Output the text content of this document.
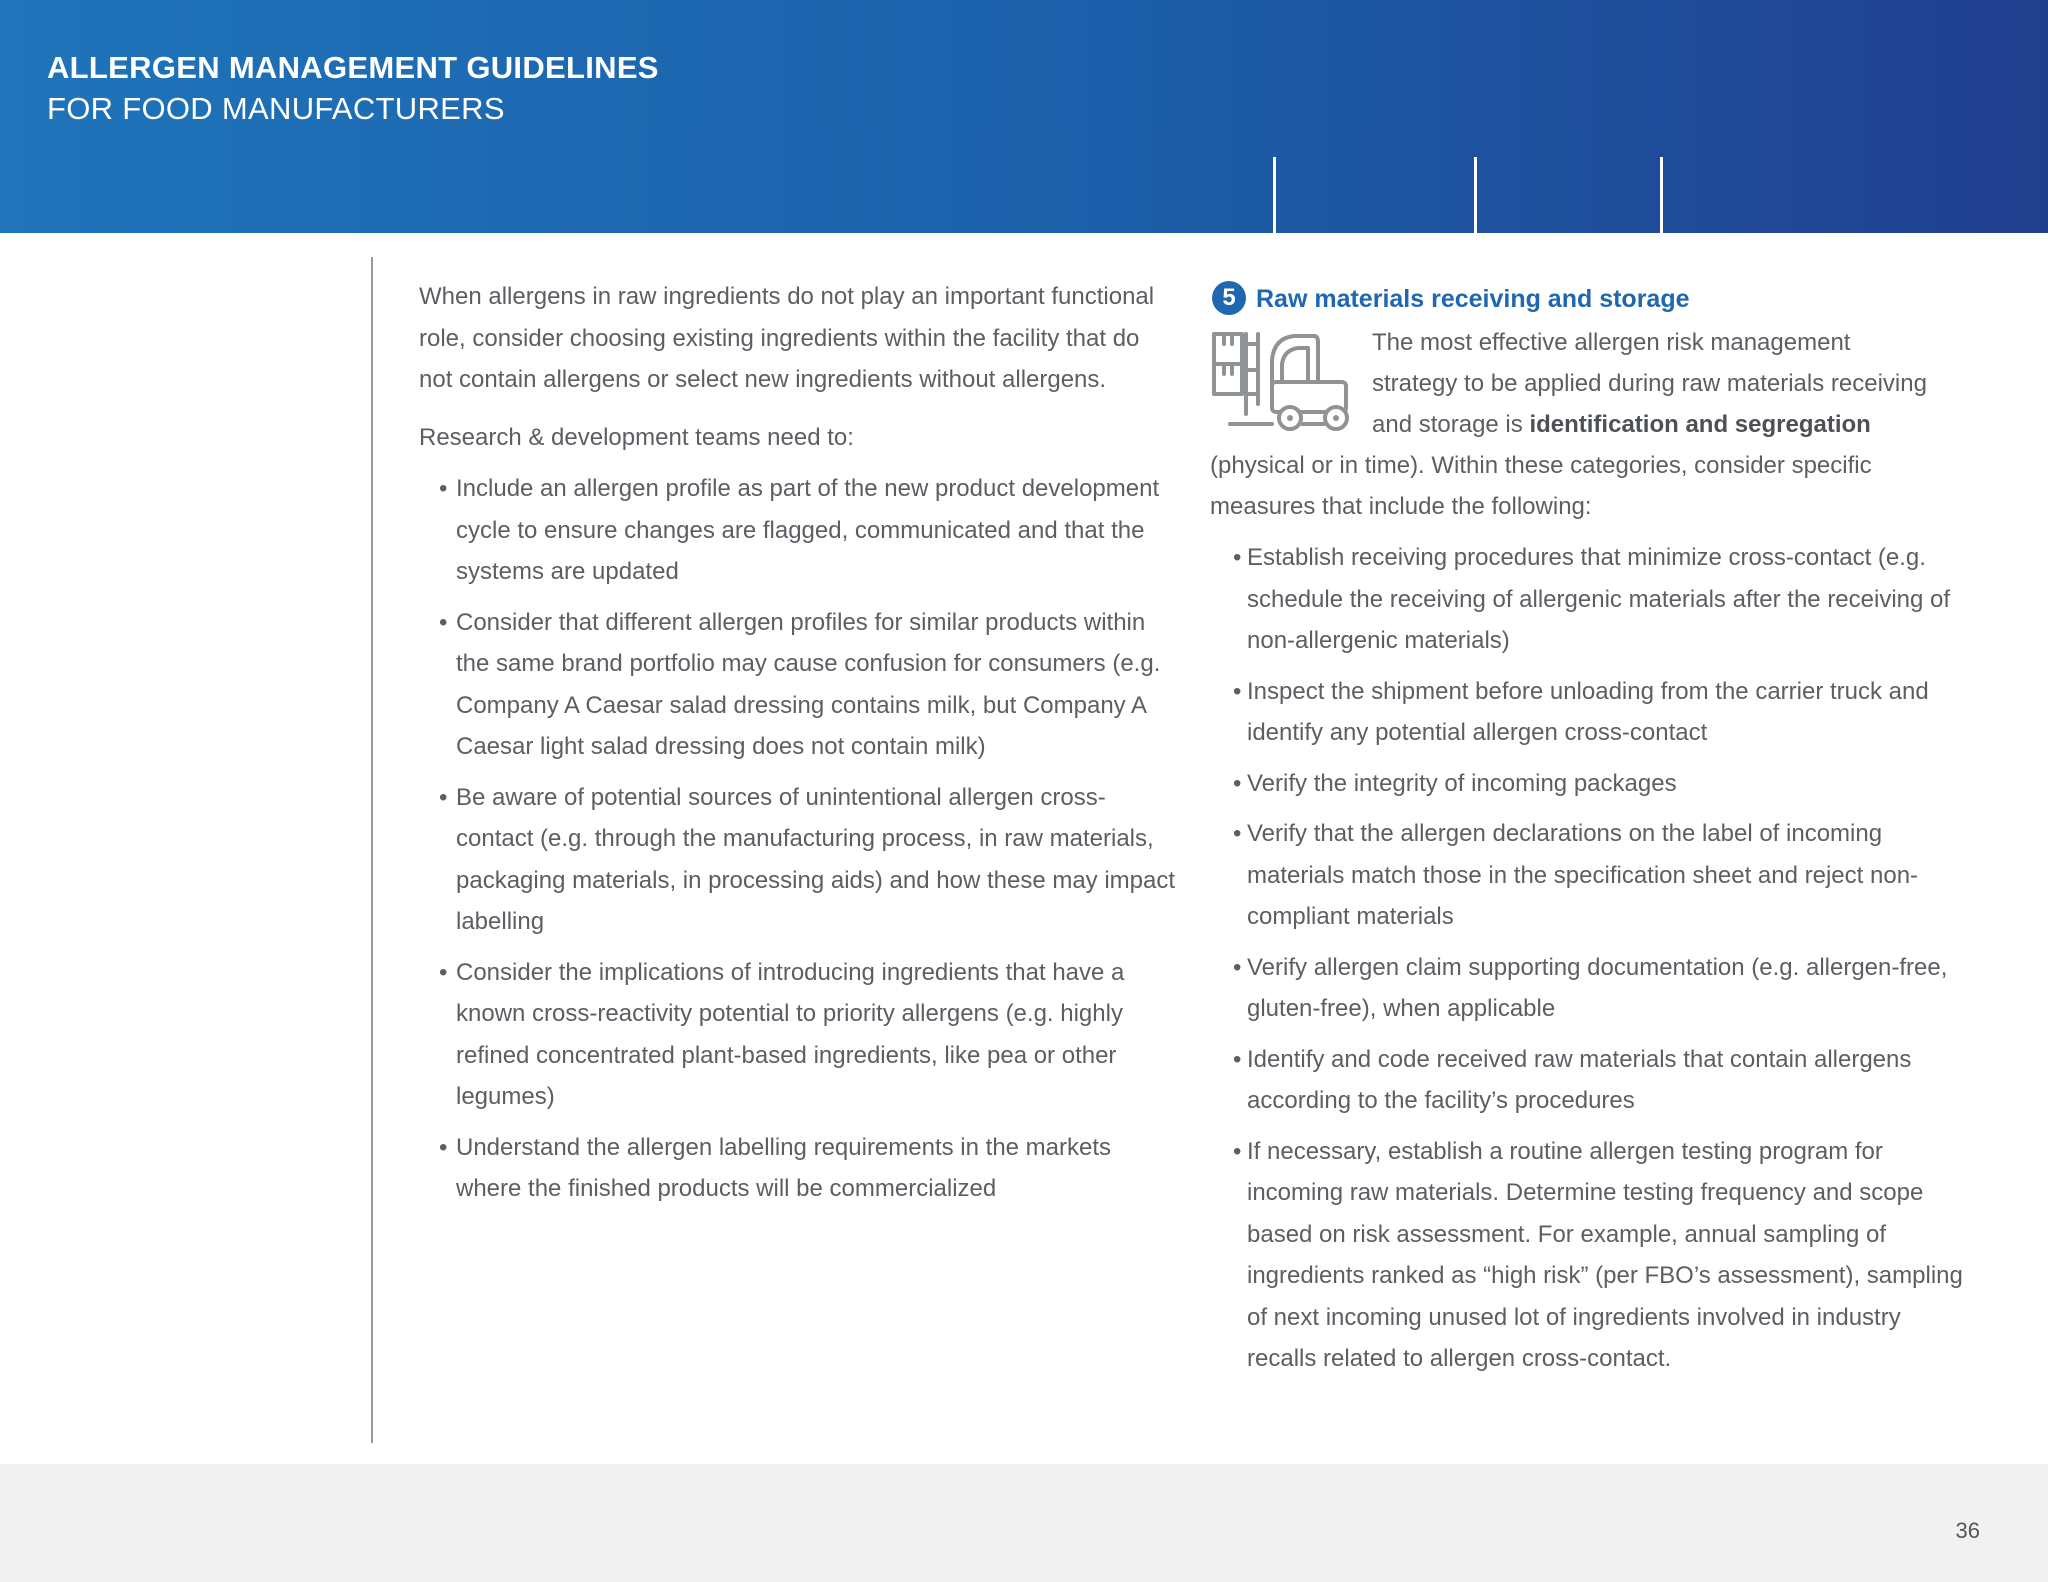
ALLERGEN MANAGEMENT GUIDELINES
FOR FOOD MANUFACTURERS

When allergens in raw ingredients do not play an important functional role, consider choosing existing ingredients within the facility that do not contain allergens or select new ingredients without allergens.

Research & development teams need to:

• Include an allergen profile as part of the new product development cycle to ensure changes are flagged, communicated and that the systems are updated
• Consider that different allergen profiles for similar products within the same brand portfolio may cause confusion for consumers (e.g. Company A Caesar salad dressing contains milk, but Company A Caesar light salad dressing does not contain milk)
• Be aware of potential sources of unintentional allergen cross-contact (e.g. through the manufacturing process, in raw materials, packaging materials, in processing aids) and how these may impact labelling
• Consider the implications of introducing ingredients that have a known cross-reactivity potential to priority allergens (e.g. highly refined concentrated plant-based ingredients, like pea or other legumes)
• Understand the allergen labelling requirements in the markets where the finished products will be commercialized
5 Raw materials receiving and storage
The most effective allergen risk management
strategy to be applied during raw materials receiving
and storage is identification and segregation
(physical or in time). Within these categories, consider specific
measures that include the following:
• Establish receiving procedures that minimize cross-contact (e.g. schedule the receiving of allergenic materials after the receiving of non-allergenic materials)
• Inspect the shipment before unloading from the carrier truck and identify any potential allergen cross-contact
• Verify the integrity of incoming packages
• Verify that the allergen declarations on the label of incoming materials match those in the specification sheet and reject non-compliant materials
• Verify allergen claim supporting documentation (e.g. allergen-free, gluten-free), when applicable
• Identify and code received raw materials that contain allergens according to the facility’s procedures
• If necessary, establish a routine allergen testing program for incoming raw materials. Determine testing frequency and scope based on risk assessment. For example, annual sampling of ingredients ranked as “high risk” (per FBO’s assessment), sampling of next incoming unused lot of ingredients involved in industry recalls related to allergen cross-contact.
36
